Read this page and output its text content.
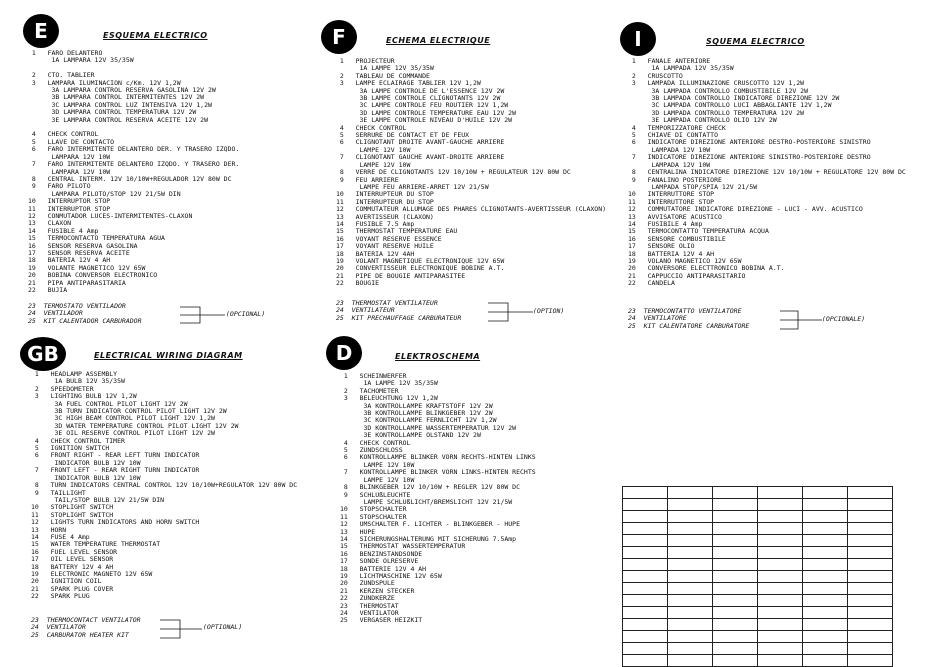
E	ESQUEMA ELECTRICO
1   FARO DELANTERO
1A LAMPARA 12V 35/35W

2   CTO. TABLIER
3   LAMPARA ILUMINACION c/Km. 12V 1,2W
3A LAMPARA CONTROL RESERVA GASOLINA 12V 2W
3B LAMPARA CONTROL INTERMITENTES 12V 2W
3C LAMPARA CONTROL LUZ INTENSIVA 12V 1,2W
3D LAMPARA CONTROL TEMPERATURA 12V 2W
3E LAMPARA CONTROL RESERVA ACEITE 12V 2W

4   CHECK CONTROL
5   LLAVE DE CONTACTO
6   FARO INTERMITENTE DELANTERO DER. Y TRASERO IZQDO.
LAMPARA 12V 10W
7   FARO INTERMITENTE DELANTERO IZQDO. Y TRASERO DER.
LAMPARA 12V 10W
8   CENTRAL INTERM. 12V 10/10W+REGULADOR 12V 80W DC
9   FARO PILOTO
LAMPARA PILOTO/STOP 12V 21/5W DIN
10   INTERRUPTOR STOP
11   INTERRUPTOR STOP
12   CONMUTADOR LUCES-INTERMITENTES-CLAXON
13   CLAXON
14   FUSIBLE 4 Amp
15   TERMOCONTACTO TEMPERATURA AGUA
16   SENSOR RESERVA GASOLINA
17   SENSOR RESERVA ACEITE
18   BATERIA 12V 4 AH
19   VOLANTE MAGNETICO 12V 65W
20   BOBINA CONVERSOR ELECTRONICO
21   PIPA ANTIPARASITARIA
22   BUJIA
23  TERMOSTATO VENTILADOR
24  VENTILADOR
25  KIT CALENTADOR CARBURADOR
(OPCIONAL)
F	ECHEMA ELECTRIQUE
1   PROJECTEUR
1A LAMPE 12V 35/35W
2   TABLEAU DE COMMANDE
3   LAMPE ECLAIRAGE TABLIER 12V 1,2W
3A LAMPE CONTROLE DE L'ESSENCE 12V 2W
3B LAMPE CONTROLE CLIGNOTANTS 12V 2W
3C LAMPE CONTROLE FEU ROUTIER 12V 1,2W
3D LAMPE CONTROLE TEMPERATURE EAU 12V 2W
3E LAMPE CONTROLE NIVEAU D'HUILE 12V 2W
4   CHECK CONTROL
5   SERRURE DE CONTACT ET DE FEUX
6   CLIGNOTANT DROITE AVANT-GAUCHE ARRIERE
LAMPE 12V 10W
7   CLIGNOTANT GAUCHE AVANT-DROITE ARRIERE
LAMPE 12V 10W
8   VERRE DE CLIGNOTANTS 12V 10/10W + REGULATEUR 12V 80W DC
9   FEU ARRIERE
LAMPE FEU ARRIERE-ARRET 12V 21/5W
10   INTERRUPTEUR DU STOP
11   INTERRUPTEUR DU STOP
12   COMMUTATEUR ALLUMAGE DES PHARES CLIGNOTANTS-AVERTISSEUR (CLAXON)
13   AVERTISSEUR (CLAXON)
14   FUSIBLE 7.5 Amp
15   THERMOSTAT TEMPERATURE EAU
16   VOYANT RESERVE ESSENCE
17   VOYANT RESERVE HUILE
18   BATERIA 12V 4AH
19   VOLANT MAGNETIQUE ELECTRONIQUE 12V 65W
20   CONVERTISSEUR ELECTRONIQUE BOBINE A.T.
21   PIPE DE BOUGIE ANTIPARASITEE
22   BOUGIE
23  THERMOSTAT VENTILATEUR
24  VENTILATEUR
25  KIT PRECHAUFFAGE CARBURATEUR
(OPTION)
I	SQUEMA ELECTRICO
1   FANALE ANTERIORE
1A LAMPADA 12V 35/35W
2   CRUSCOTTO
3   LAMPADA ILLUMINAZIONE CRUSCOTTO 12V 1,2W
3A LAMPADA CONTROLLO COMBUSTIBILE 12V 2W
3B LAMPADA CONTROLLO INDICATORE DIREZIONE 12V 2W
3C LAMPADA CONTROLLO LUCI ABBAGLIANTE 12V 1,2W
3D LAMPADA CONTROLLO TEMPERATURA 12V 2W
3E LAMPADA CONTROLLO OLIO 12V 2W
4   TEMPORIZZATORE CHECK
5   CHIAVE DI CONTATTO
6   INDICATORE DIREZIONE ANTERIORE DESTRO-POSTERIORE SINISTRO
LAMPADA 12V 10W
7   INDICATORE DIREZIONE ANTERIORE SINISTRO-POSTERIORE DESTRO
LAMPADA 12V 10W
8   CENTRALINA INDICATORE DIREZIONE 12V 10/10W + REGULATORE 12V 80W DC
9   FANALINO POSTERIORE
LAMPADA STOP/SPIA 12V 21/5W
10   INTERRUTTORE STOP
11   INTERRUTTORE STOP
12   COMMUTATORE INDICATORE DIREZIONE - LUCI - AVV. ACUSTICO
13   AVVISATORE ACUSTICO
14   FUSIBILE 4 Amp
15   TERMOCONTATTO TEMPERATURA ACQUA
16   SENSORE COMBUSTIBILE
17   SENSORE OLIO
18   BATTERIA 12V 4 AH
19   VOLANO MAGNETICO 12V 65W
20   CONVERSORE ELECTTRONICO BOBINA A.T.
21   CAPPUCCIO ANTIPARASITARIO
22   CANDELA
23  TERMOCONTATTO VENTILATORE
24  VENTILATORE
25  KIT CALENTATORE CARBURATORE
(OPCIONALE)
GB	ELECTRICAL WIRING DIAGRAM
1   HEADLAMP ASSEMBLY
1A BULB 12V 35/35W
2   SPEEDOMETER
3   LIGHTING BULB 12V 1,2W
3A FUEL CONTROL PILOT LIGHT 12V 2W
3B TURN INDICATOR CONTROL PILOT LIGHT 12V 2W
3C HIGH BEAM CONTROL PILOT LIGHT 12V 1,2W
3D WATER TEMPERATURE CONTROL PILOT LIGHT 12V 2W
3E OIL RESERVE CONTROL PILOT LIGHT 12V 2W
4   CHECK CONTROL TIMER
5   IGNITION SWITCH
6   FRONT RIGHT - REAR LEFT TURN INDICATOR
INDICATOR BULB 12V 10W
7   FRONT LEFT - REAR RIGHT TURN INDICATOR
INDICATOR BULB 12V 10W
8   TURN INDICATORS CENTRAL CONTROL 12V 10/10W+REGULATOR 12V 80W DC
9   TAILLIGHT
TAIL/STOP BULB 12V 21/5W DIN
10   STOPLIGHT SWITCH
11   STOPLIGHT SWITCH
12   LIGHTS TURN INDICATORS AND HORN SWITCH
13   HORN
14   FUSE 4 Amp
15   WATER TEMPERATURE THERMOSTAT
16   FUEL LEVEL SENSOR
17   OIL LEVEL SENSOR
18   BATTERY 12V 4 AH
19   ELECTRONIC MAGNETO 12V 65W
20   IGNITION COIL
21   SPARK PLUG COVER
22   SPARK PLUG
23  THERMOCONTACT VENTILATOR
24  VENTILATOR
25  CARBURATOR HEATER KIT
(OPTIONAL)
D	ELEKTROSCHEMA
1   SCHEINWERFER
1A LAMPE 12V 35/35W
2   TACHOMETER
3   BELEUCHTUNG 12V 1,2W
3A KONTROLLAMPE KRAFTSTOFF 12V 2W
3B KONTROLLAMPE BLINKGEBER 12V 2W
3C KONTROLLAMPE FERNLICHT 12V 1,2W
3D KONTROLLAMPE WASSERTEMPERATUR 12V 2W
3E KONTROLLAMPE OLSTAND 12V 2W
4   CHECK CONTROL
5   ZUNDSCHLOSS
6   KONTROLLAMPE BLINKER VORN RECHTS-HINTEN LINKS
LAMPE 12V 10W
7   KONTROLLAMPE BLINKER VORN LINKS-HINTEN RECHTS
LAMPE 12V 10W
8   BLINKGEBER 12V 10/10W + REGLER 12V 80W DC
9   SCHLUßLEUCHTE
LAMPE SCHLUßLICHT/BREMSLICHT 12V 21/5W
10   STOPSCHALTER
11   STOPSCHALTER
12   UMSCHALTER F. LICHTER - BLINKGEBER - HUPE
13   HUPE
14   SICHERUNGSHALTERUNG MIT SICHERUNG 7.5Amp
15   THERMOSTAT WASSERTEMPERATUR
16   BENZINSTANDSONDE
17   SONDE OLRESERVE
18   BATTERIE 12V 4 AH
19   LICHTMASCHINE 12V 65W
20   ZUNDSPULE
21   KERZEN STECKER
22   ZUNDKERZE
23   THERMOSTAT
24   VENTILATOR
25   VERGASER HEIZKIT
